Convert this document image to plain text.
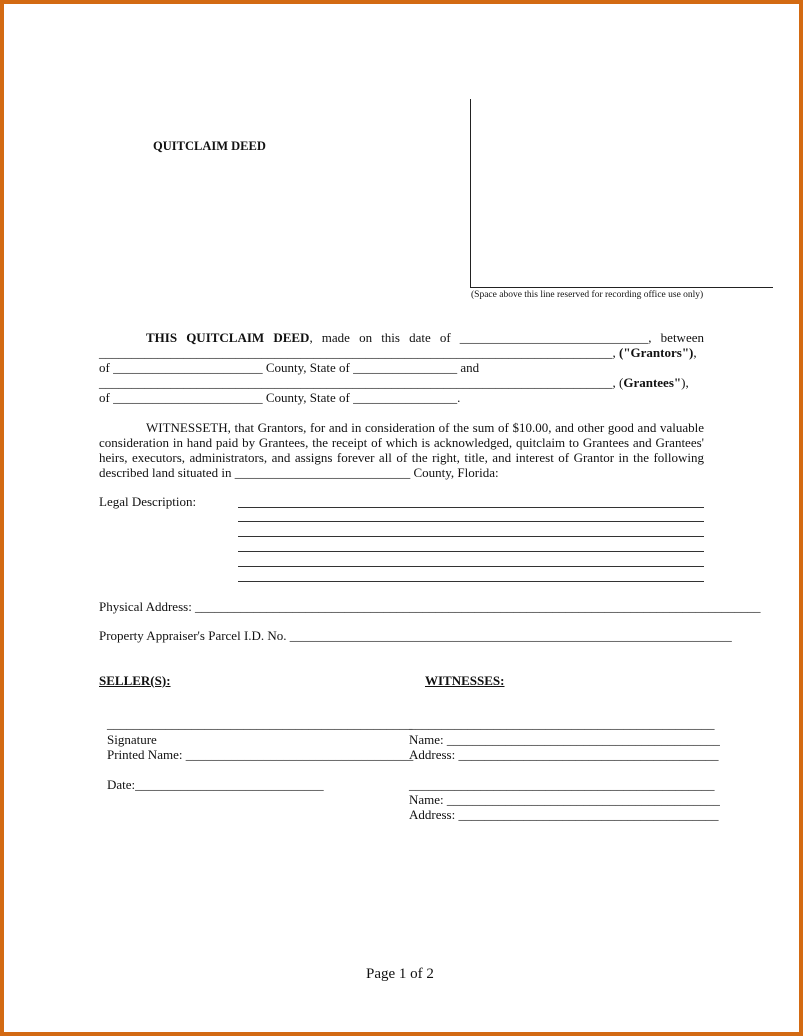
QUITCLAIM DEED
(Space above this line reserved for recording office use only)
THIS QUITCLAIM DEED, made on this date of _____________________________, between
_______________________________________________________________________________, ("Grantors"),
of _______________________ County, State of ________________ and
_______________________________________________________________________________, (Grantees"),
of _______________________ County, State of ________________.
WITNESSETH, that Grantors, for and in consideration of the sum of $10.00, and other good and valuable
consideration in hand paid by Grantees, the receipt of which is acknowledged, quitclaim to Grantees and Grantees'
heirs, executors, administrators, and assigns forever all of the right, title, and interest of Grantor in the following
described land situated in ___________________________ County, Florida:
Legal Description:
Physical Address: _______________________________________________________________________________________
Property Appraiser's Parcel I.D. No. ____________________________________________________________________
SELLER(S):
_______________________________________________
Signature
Printed Name: ___________________________________
Date:_____________________________
WITNESSES:
_______________________________________________
Name: __________________________________________
Address: ________________________________________
_______________________________________________
Name: __________________________________________
Address: ________________________________________
Page 1 of 2
